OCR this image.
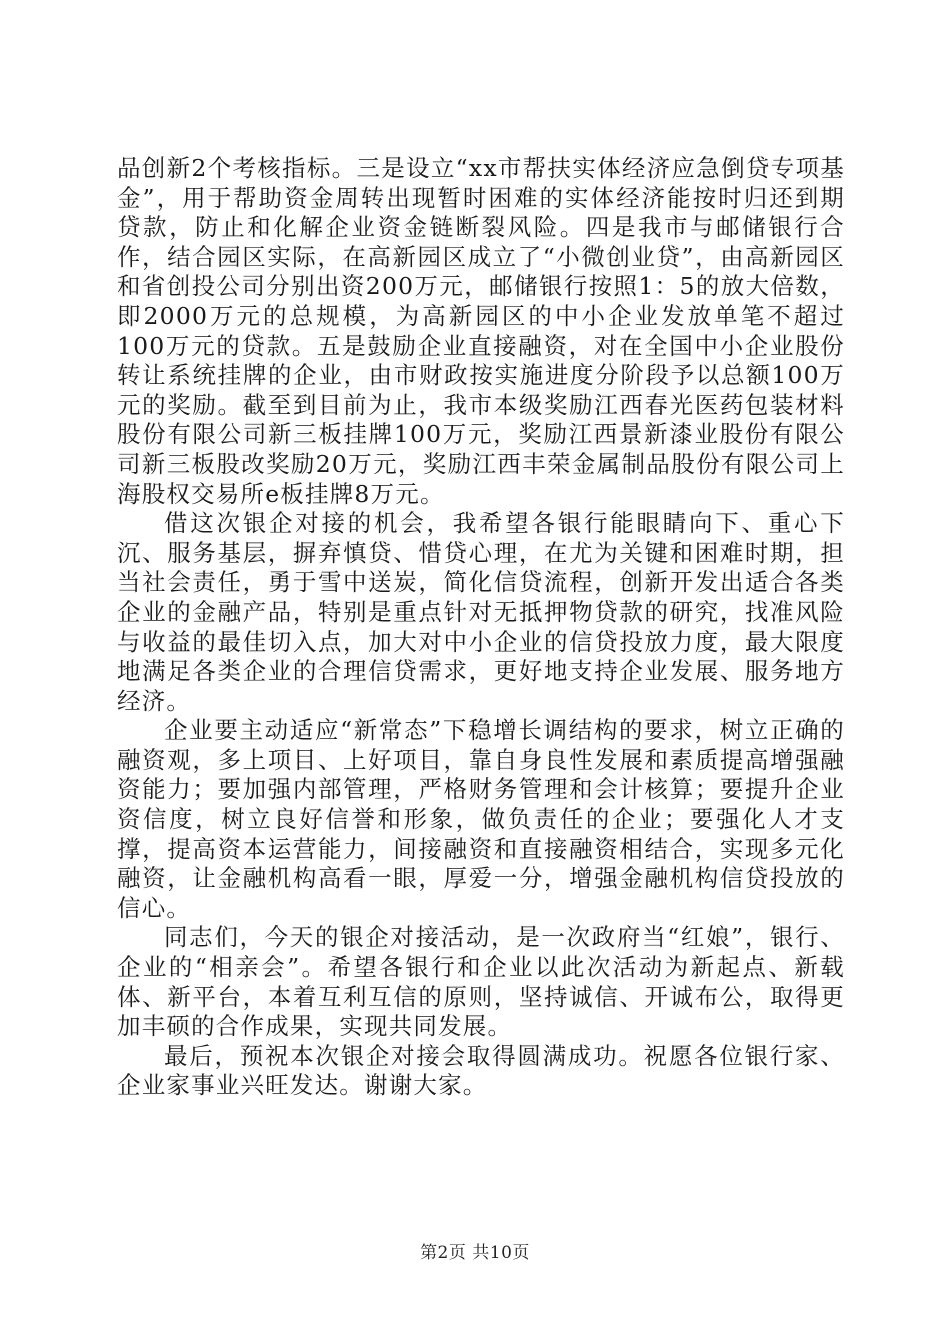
品创新2个考核指标。三是设立“xx市帮扶实体经济应急倒贷专项基金”，用于帮助资金周转出现暂时困难的实体经济能按时归还到期贷款，防止和化解企业资金链断裂风险。四是我市与邮储银行合作，结合园区实际，在高新园区成立了“小微创业贷”，由高新园区和省创投公司分别出资200万元，邮储银行按照1：5的放大倍数，即2000万元的总规模，为高新园区的中小企业发放单笔不超过100万元的贷款。五是鼓励企业直接融资，对在全国中小企业股份转让系统挂牌的企业，由市财政按实施进度分阶段予以总额100万元的奖励。截至到目前为止，我市本级奖励江西春光医药包装材料股份有限公司新三板挂牌100万元，奖励江西景新漆业股份有限公司新三板股改奖励20万元，奖励江西丰荣金属制品股份有限公司上海股权交易所e板挂牌8万元。

借这次银企对接的机会，我希望各银行能眼睛向下、重心下沉、服务基层，摒弃慎贷、惜贷心理，在尤为关键和困难时期，担当社会责任，勇于雪中送炭，简化信贷流程，创新开发出适合各类企业的金融产品，特别是重点针对无抵押物贷款的研究，找准风险与收益的最佳切入点，加大对中小企业的信贷投放力度，最大限度地满足各类企业的合理信贷需求，更好地支持企业发展、服务地方经济。

企业要主动适应“新常态”下稳增长调结构的要求，树立正确的融资观，多上项目、上好项目，靠自身良性发展和素质提高增强融资能力；要加强内部管理，严格财务管理和会计核算；要提升企业资信度，树立良好信誉和形象，做负责任的企业；要强化人才支撑，提高资本运营能力，间接融资和直接融资相结合，实现多元化融资，让金融机构高看一眼，厚爱一分，增强金融机构信贷投放的信心。

同志们，今天的银企对接活动，是一次政府当“红娘”，银行、企业的“相亲会”。希望各银行和企业以此次活动为新起点、新载体、新平台，本着互利互信的原则，坚持诚信、开诚布公，取得更加丰硕的合作成果，实现共同发展。

最后，预祝本次银企对接会取得圆满成功。祝愿各位银行家、企业家事业兴旺发达。谢谢大家。

第2页 共10页
